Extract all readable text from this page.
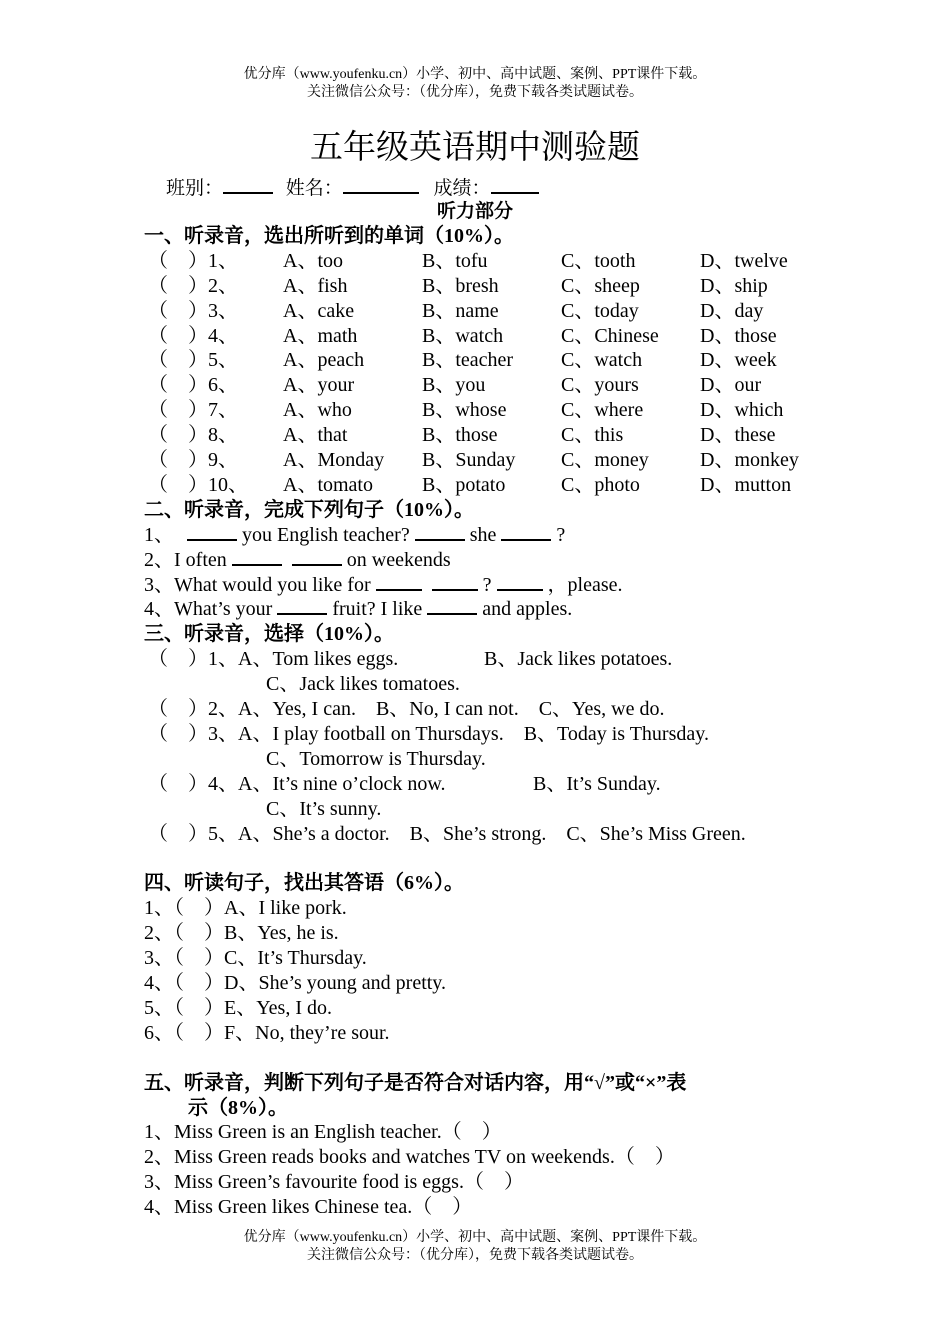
优分库（www.youfenku.cn）小学、初中、高中试题、案例、PPT课件下载。
关注微信公众号：（优分库），免费下载各类试题试卷。
五年级英语期中测验题
班别：	姓名：	成绩：
听力部分
一、听录音，选出所听到的单词（10%）。
（　）1、 A、too	B、tofu	C、tooth	D、twelve
（　）2、 A、fish	B、bresh	C、sheep	D、ship
（　）3、 A、cake	B、name	C、today	D、day
（　）4、 A、math	B、watch	C、Chinese D、those
（　）5、 A、peach	B、teacher C、watch	D、week
（　）6、 A、your	B、you	C、yours	D、our
（　）7、 A、who	B、whose	C、where	D、which
（　）8、 A、that	B、those	C、this	D、these
（　）9、 A、Monday B、Sunday C、money	D、monkey
（　）10、 A、tomato B、potato	C、photo	D、mutton
二、听录音，完成下列句子（10%）。
1、	you English teacher?	she	?
2、I often	on weekends
3、What would you like for	?  ，please.
4、What’s your	fruit? I like	and apples.
三、听录音，选择（10%）。
（　）1、A、Tom likes eggs.	B、Jack likes potatoes.
C、Jack likes tomatoes.
（　）2、A、Yes, I can.　B、No, I can not.　C、Yes, we do.
（　）3、A、I play football on Thursdays.　B、Today is Thursday.
C、Tomorrow is Thursday.
（　）4、A、It’s nine o’clock now.	B、It’s Sunday.
C、It’s sunny.
（　）5、A、She’s a doctor.　B、She’s strong.　C、She’s Miss Green.
四、听读句子，找出其答语（6%）。
1、（　）A、I like pork.
2、（　）B、Yes, he is.
3、（　）C、It’s Thursday.
4、（　）D、She’s young and pretty.
5、（　）E、Yes, I do.
6、（　）F、No, they’re sour.
五、听录音，判断下列句子是否符合对话内容，用“√”或“×”表
示（8%）。
1、Miss Green is an English teacher.（　）
2、Miss Green reads books and watches TV on weekends.（　）
3、Miss Green’s favourite food is eggs.（　）
4、Miss Green likes Chinese tea.（　）
优分库（www.youfenku.cn）小学、初中、高中试题、案例、PPT课件下载。
关注微信公众号：（优分库），免费下载各类试题试卷。
